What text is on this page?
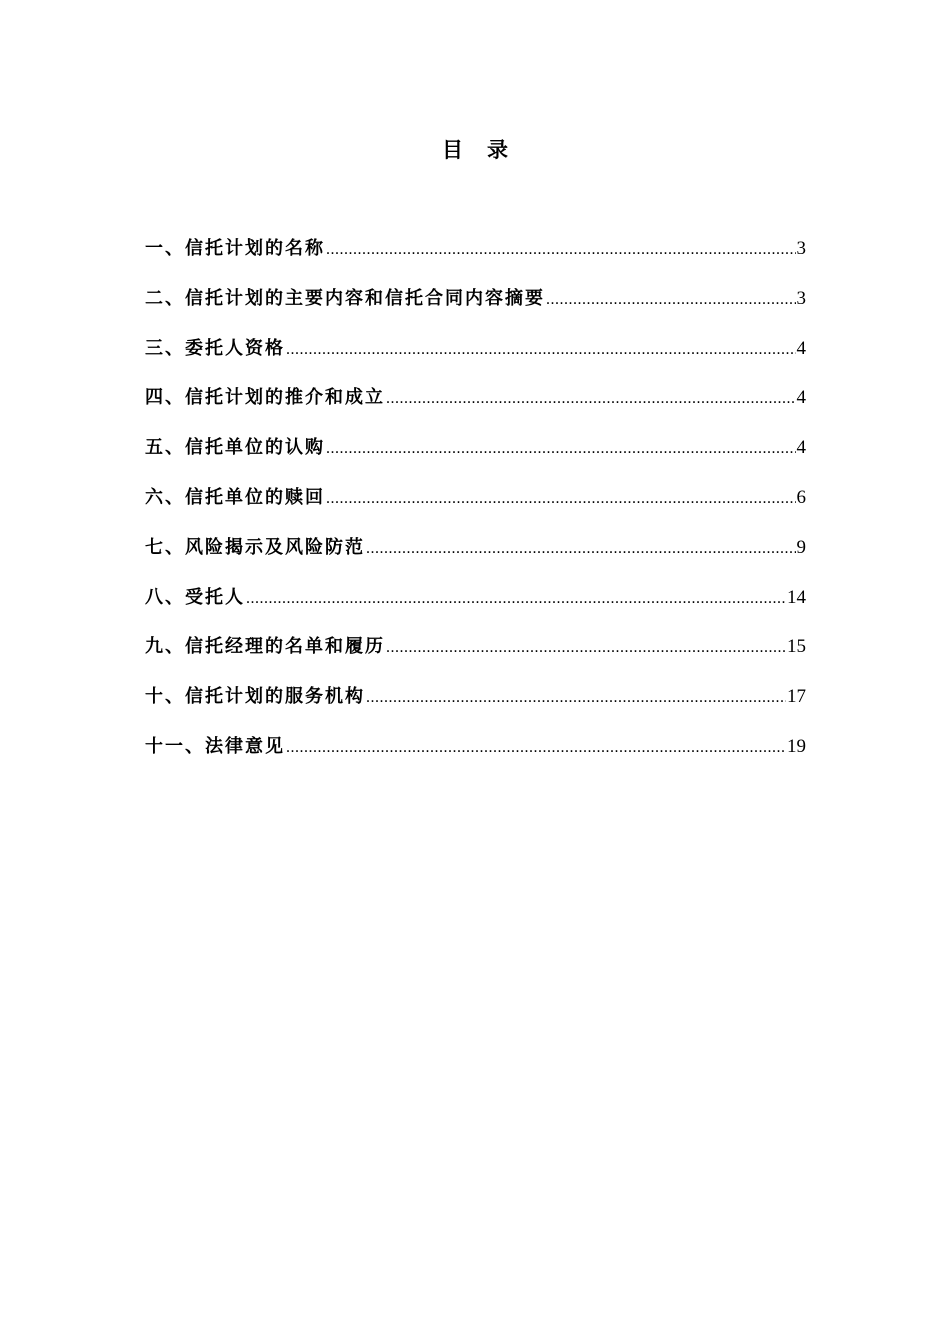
目录
一、信托计划的名称 .....	3
二、信托计划的主要内容和信托合同内容摘要 .....	3
三、委托人资格 .....	4
四、信托计划的推介和成立 .....	4
五、信托单位的认购 .....	4
六、信托单位的赎回 .....	6
七、风险揭示及风险防范 .....	9
八、受托人 .....	14
九、信托经理的名单和履历 .....	15
十、信托计划的服务机构 .....	17
十一、法律意见 .....	19
